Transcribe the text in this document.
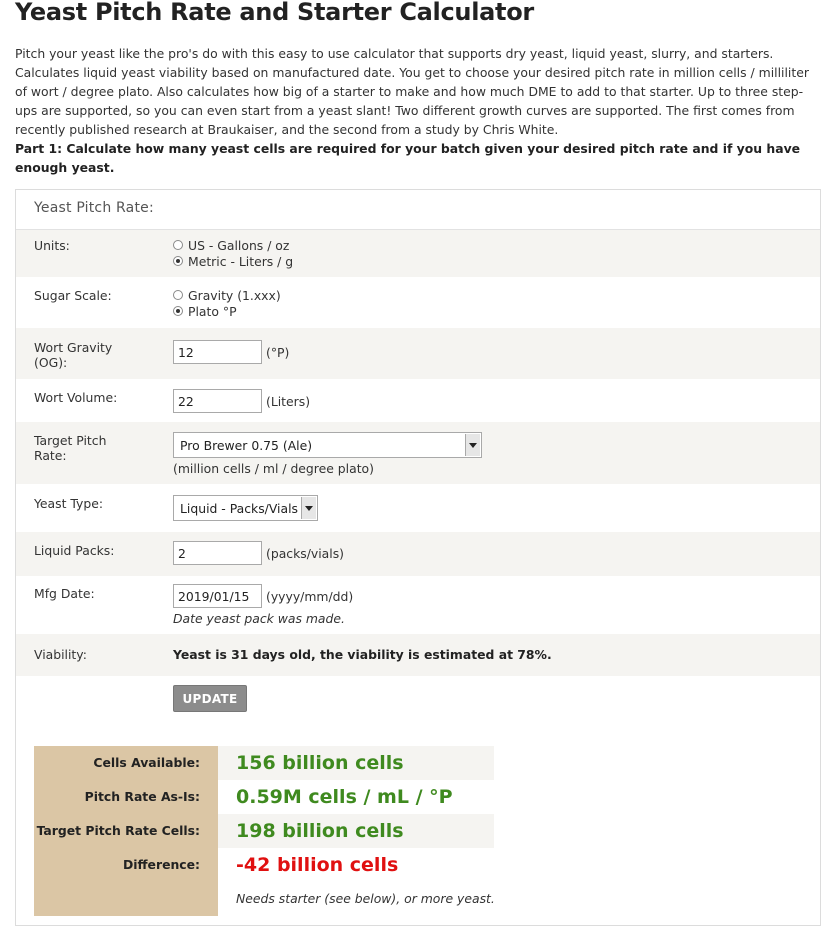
Yeast Pitch Rate and Starter Calculator

Pitch your yeast like the pro's do with this easy to use calculator that supports dry yeast, liquid yeast, slurry, and starters. Calculates liquid yeast viability based on manufactured date. You get to choose your desired pitch rate in million cells / milliliter of wort / degree plato. Also calculates how big of a starter to make and how much DME to add to that starter. Up to three step-ups are supported, so you can even start from a yeast slant! Two different growth curves are supported. The first comes from recently published research at Braukaiser, and the second from a study by Chris White.

Part 1: Calculate how many yeast cells are required for your batch given your desired pitch rate and if you have enough yeast.

Yeast Pitch Rate:
Units:	US - Gallons / oz
Metric - Liters / g
Sugar Scale:	Gravity (1.xxx)
Plato °P
Wort Gravity (OG):
12	(°P)
Wort Volume:	22	(Liters)
Target Pitch Rate:
Pro Brewer 0.75 (Ale)
(million cells / ml / degree plato)
Yeast Type:	Liquid - Packs/Vials
Liquid Packs:	2	(packs/vials)
Mfg Date:	2019/01/15	(yyyy/mm/dd)
Date yeast pack was made.
Viability:	Yeast is 31 days old, the viability is estimated at 78%.
UPDATE
Cells Available:	156 billion cells
Pitch Rate As-Is:	0.59M cells / mL / °P
Target Pitch Rate Cells:	198 billion cells
Difference:	-42 billion cells
Needs starter (see below), or more yeast.
